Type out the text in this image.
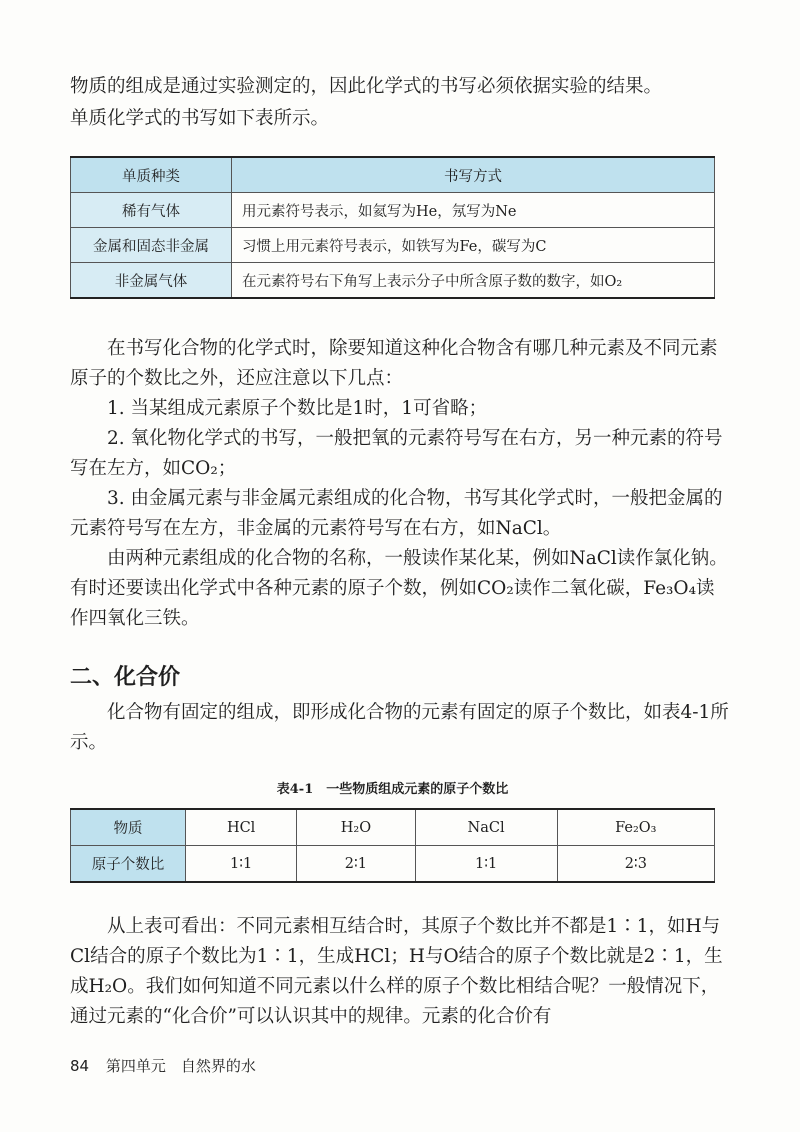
物质的组成是通过实验测定的，因此化学式的书写必须依据实验的结果。

单质化学式的书写如下表所示。

单质种类	书写方式
稀有气体	用元素符号表示，如氦写为He，氖写为Ne
金属和固态非金属	习惯上用元素符号表示，如铁写为Fe，碳写为C
非金属气体	在元素符号右下角写上表示分子中所含原子数的数字，如O₂

在书写化合物的化学式时，除要知道这种化合物含有哪几种元素及不同元素原子的个数比之外，还应注意以下几点：

1. 当某组成元素原子个数比是1时，1可省略；

2. 氧化物化学式的书写，一般把氧的元素符号写在右方，另一种元素的符号写在左方，如CO₂；

3. 由金属元素与非金属元素组成的化合物，书写其化学式时，一般把金属的元素符号写在左方，非金属的元素符号写在右方，如NaCl。

由两种元素组成的化合物的名称，一般读作某化某，例如NaCl读作氯化钠。有时还要读出化学式中各种元素的原子个数，例如CO₂读作二氧化碳，Fe₃O₄读作四氧化三铁。

二、化合价

化合物有固定的组成，即形成化合物的元素有固定的原子个数比，如表4-1所示。

表4-1　一些物质组成元素的原子个数比

物质	HCl	H₂O	NaCl	Fe₂O₃
原子个数比	1∶1	2∶1	1∶1	2∶3

从上表可看出：不同元素相互结合时，其原子个数比并不都是1∶1，如H与Cl结合的原子个数比为1∶1，生成HCl；H与O结合的原子个数比就是2∶1，生成H₂O。我们如何知道不同元素以什么样的原子个数比相结合呢？一般情况下，通过元素的“化合价”可以认识其中的规律。元素的化合价有

84 第四单元　自然界的水
